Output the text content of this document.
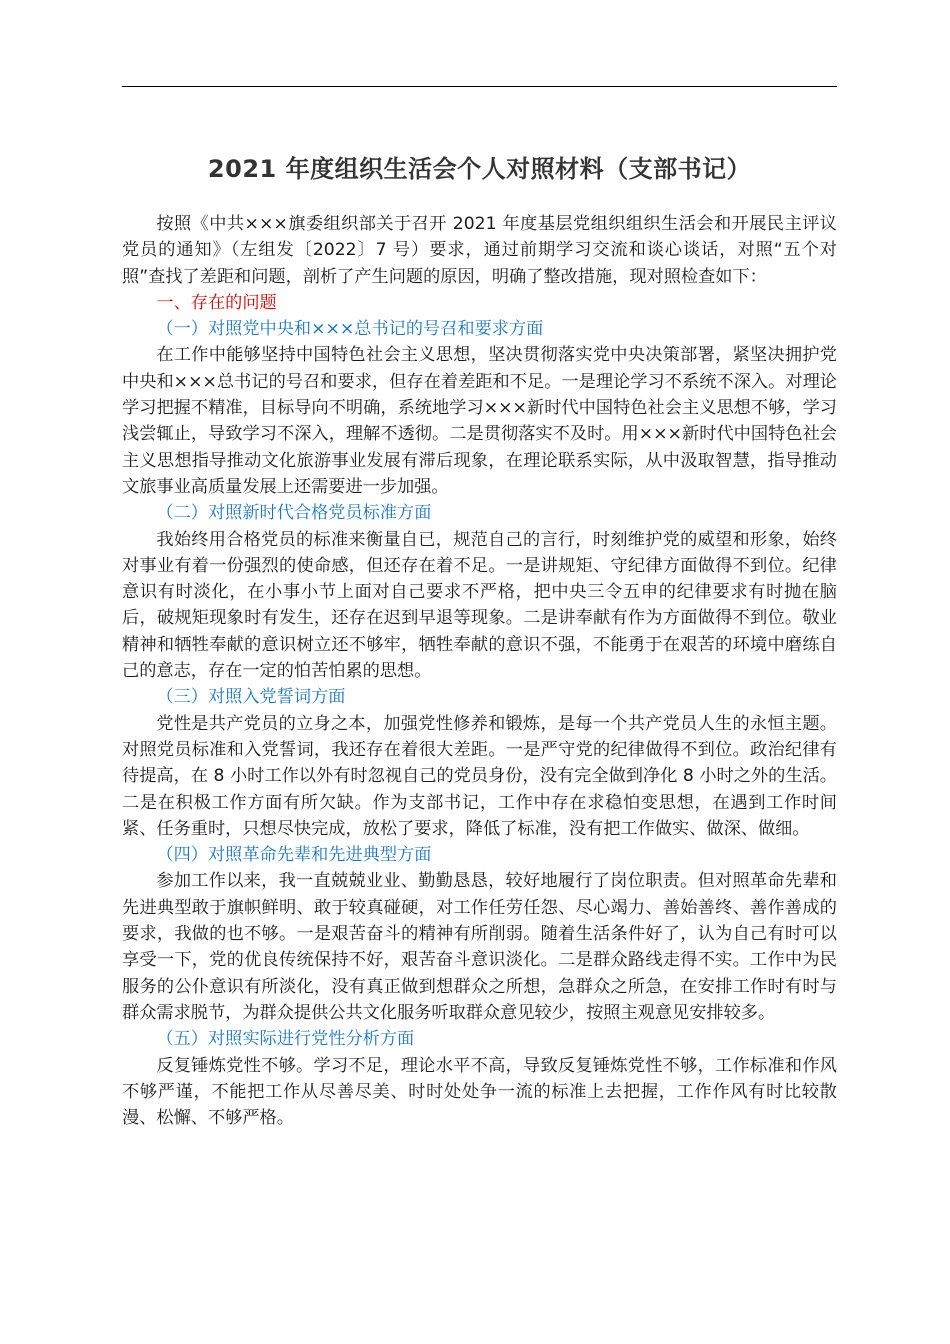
2021 年度组织生活会个人对照材料（支部书记）

按照《中共×××旗委组织部关于召开 2021 年度基层党组织组织生活会和开展民主评议党员的通知》（左组发〔2022〕7 号）要求，通过前期学习交流和谈心谈话，对照“五个对照”查找了差距和问题，剖析了产生问题的原因，明确了整改措施，现对照检查如下：

一、存在的问题

（一）对照党中央和×××总书记的号召和要求方面

在工作中能够坚持中国特色社会主义思想，坚决贯彻落实党中央决策部署，紧坚决拥护党中央和×××总书记的号召和要求，但存在着差距和不足。一是理论学习不系统不深入。对理论学习把握不精准，目标导向不明确，系统地学习×××新时代中国特色社会主义思想不够，学习浅尝辄止，导致学习不深入，理解不透彻。二是贯彻落实不及时。用×××新时代中国特色社会主义思想指导推动文化旅游事业发展有滞后现象，在理论联系实际，从中汲取智慧，指导推动文旅事业高质量发展上还需要进一步加强。

（二）对照新时代合格党员标准方面

我始终用合格党员的标准来衡量自已，规范自己的言行，时刻维护党的威望和形象，始终对事业有着一份强烈的使命感，但还存在着不足。一是讲规矩、守纪律方面做得不到位。纪律意识有时淡化，在小事小节上面对自己要求不严格，把中央三令五申的纪律要求有时抛在脑后，破规矩现象时有发生，还存在迟到早退等现象。二是讲奉献有作为方面做得不到位。敬业精神和牺牲奉献的意识树立还不够牢，牺牲奉献的意识不强，不能勇于在艰苦的环境中磨练自己的意志，存在一定的怕苦怕累的思想。

（三）对照入党誓词方面

党性是共产党员的立身之本，加强党性修养和锻炼，是每一个共产党员人生的永恒主题。对照党员标准和入党誓词，我还存在着很大差距。一是严守党的纪律做得不到位。政治纪律有待提高，在 8 小时工作以外有时忽视自己的党员身份，没有完全做到净化 8 小时之外的生活。二是在积极工作方面有所欠缺。作为支部书记，工作中存在求稳怕变思想，在遇到工作时间紧、任务重时，只想尽快完成，放松了要求，降低了标准，没有把工作做实、做深、做细。

（四）对照革命先辈和先进典型方面

参加工作以来，我一直兢兢业业、勤勤恳恳，较好地履行了岗位职责。但对照革命先辈和先进典型敢于旗帜鲜明、敢于较真碰硬，对工作任劳任怨、尽心竭力、善始善终、善作善成的要求，我做的也不够。一是艰苦奋斗的精神有所削弱。随着生活条件好了，认为自己有时可以享受一下，党的优良传统保持不好，艰苦奋斗意识淡化。二是群众路线走得不实。工作中为民服务的公仆意识有所淡化，没有真正做到想群众之所想，急群众之所急，在安排工作时有时与群众需求脱节，为群众提供公共文化服务听取群众意见较少，按照主观意见安排较多。

（五）对照实际进行党性分析方面

反复锤炼党性不够。学习不足，理论水平不高，导致反复锤炼党性不够，工作标准和作风不够严谨，不能把工作从尽善尽美、时时处处争一流的标准上去把握，工作作风有时比较散漫、松懈、不够严格。
